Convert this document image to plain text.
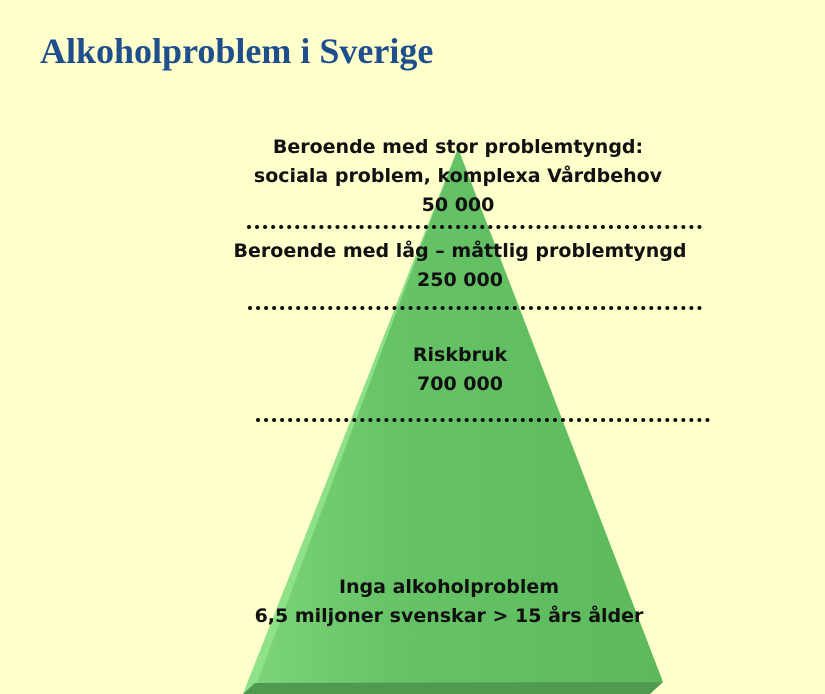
Alkoholproblem i Sverige
Beroende med stor problemtyngd:
sociala problem, komplexa Vårdbehov
50 000
Beroende med låg – måttlig problemtyngd
250 000
Riskbruk
700 000
Inga alkoholproblem
6,5 miljoner svenskar > 15 års ålder
